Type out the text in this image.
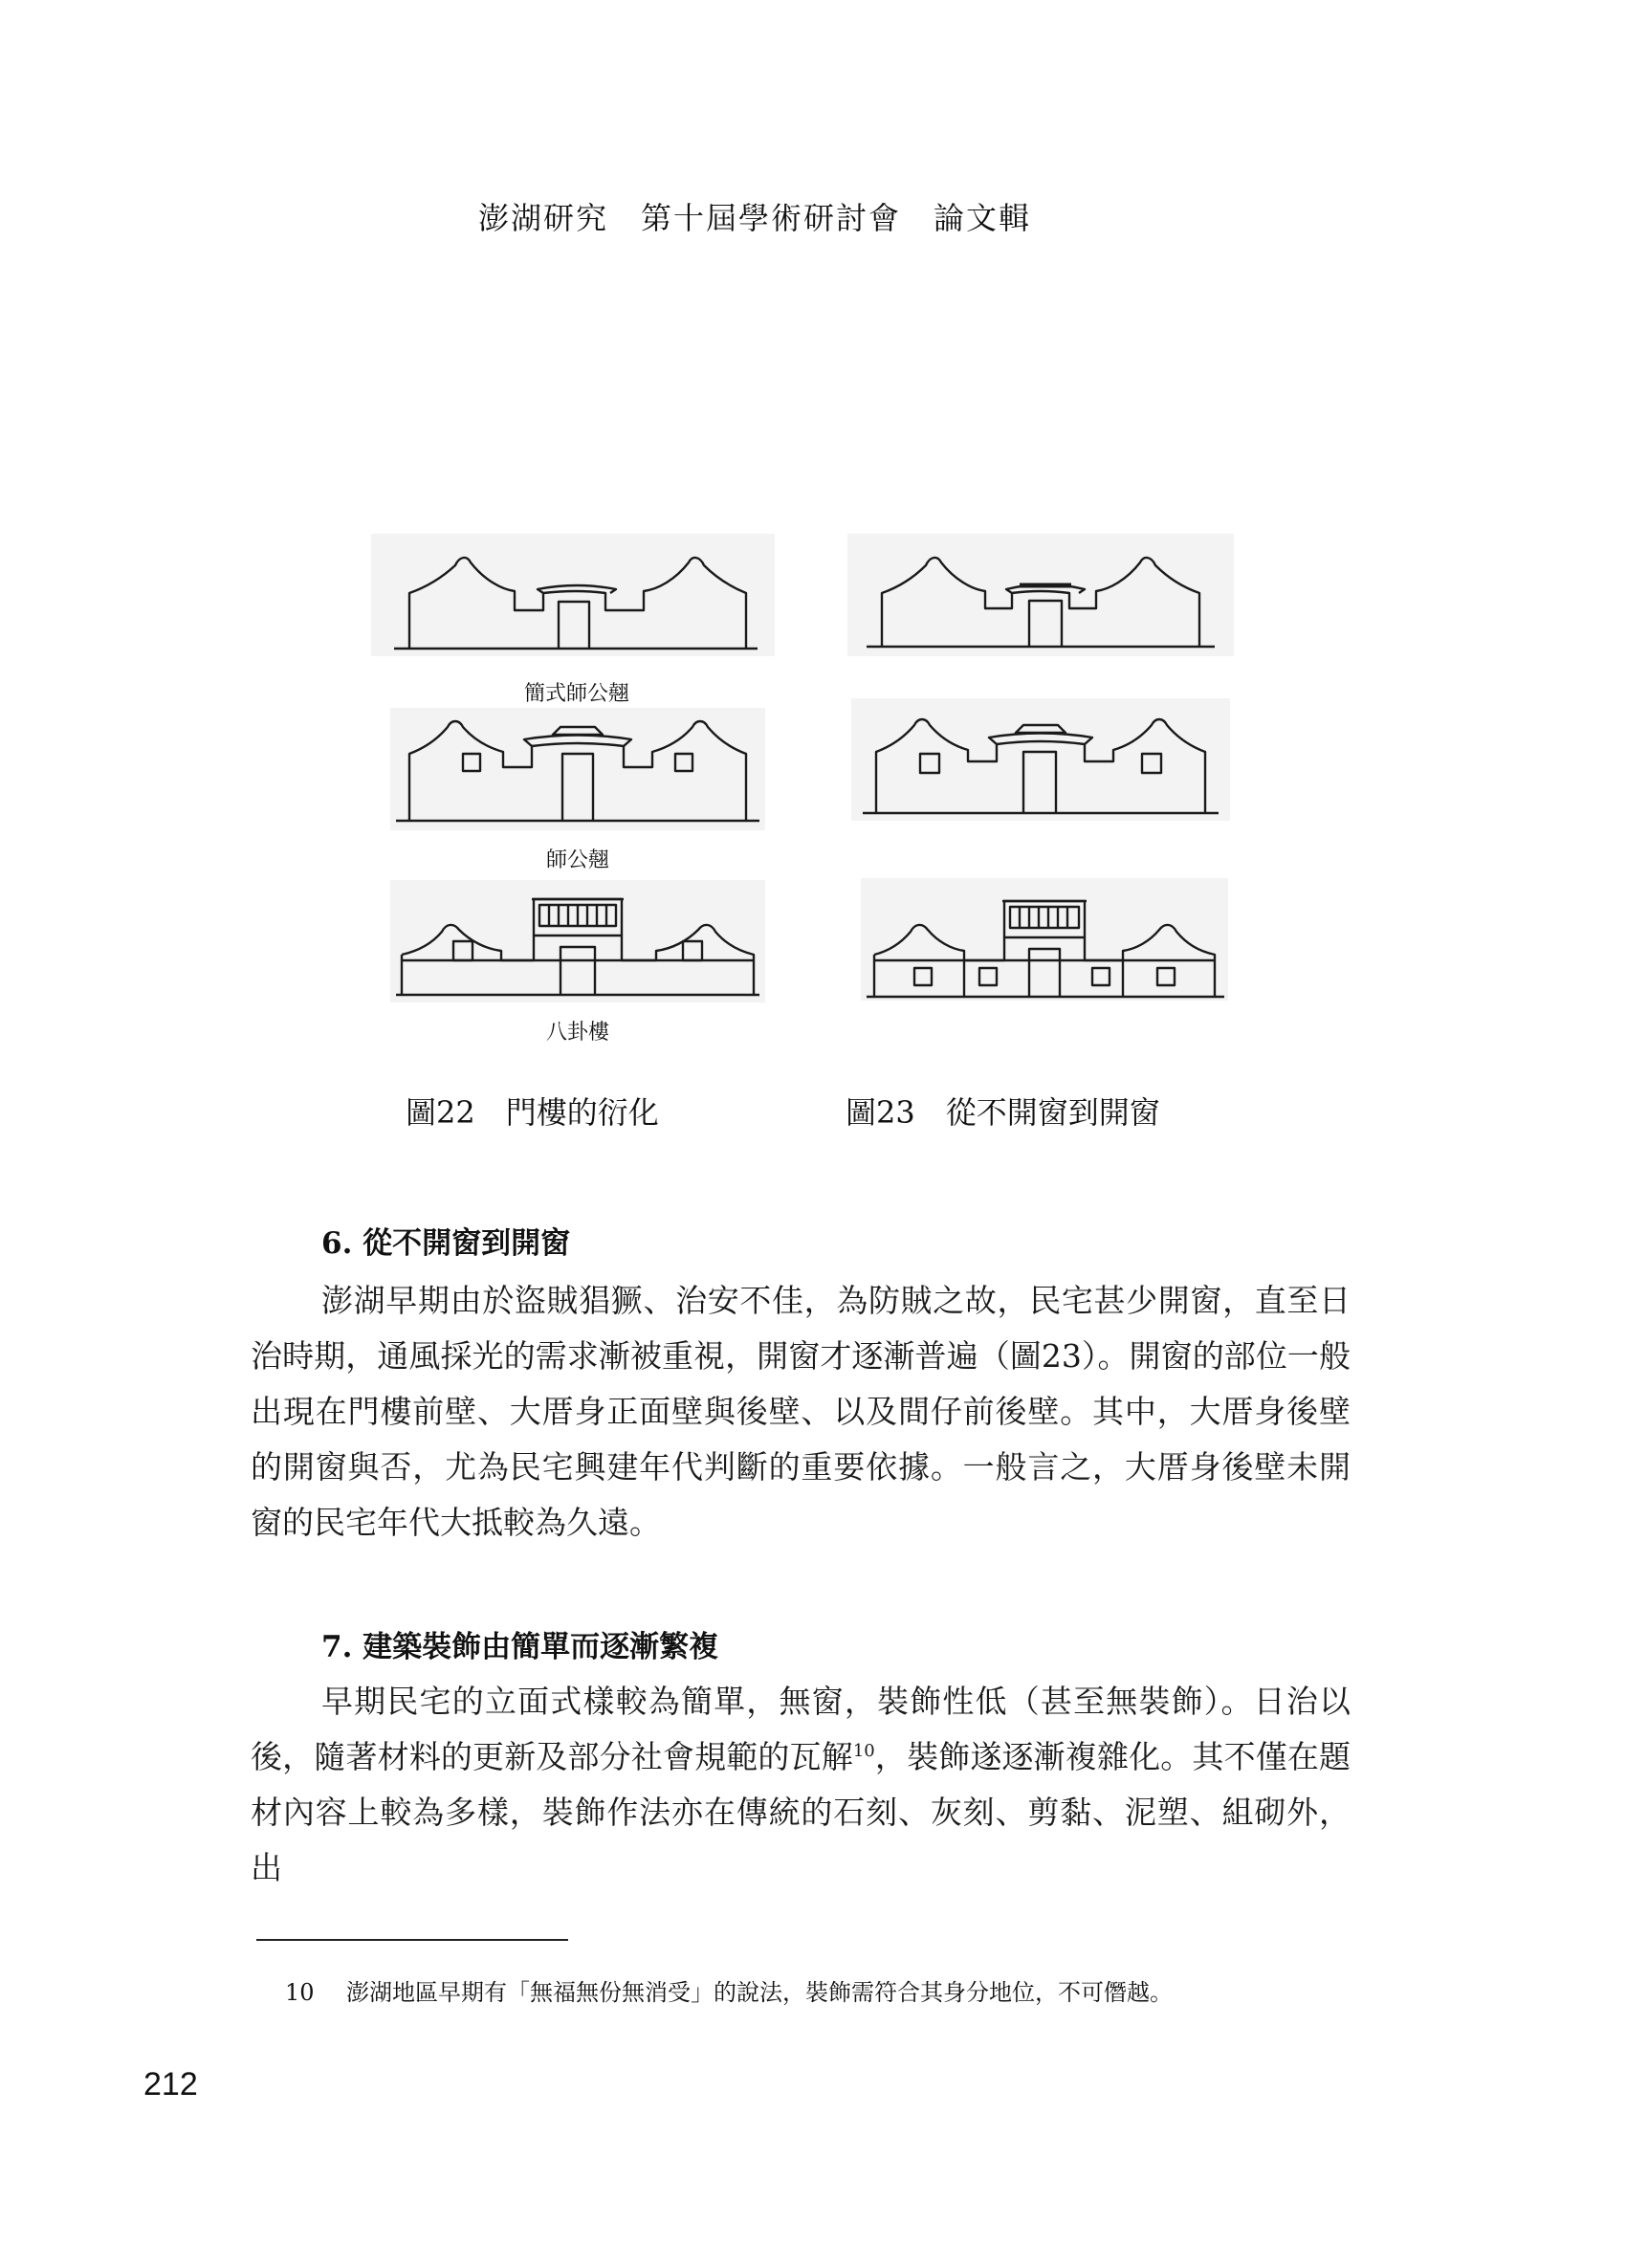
澎湖研究　第十屆學術研討會　論文輯
簡式師公翹
師公翹
八卦樓
圖22　門樓的衍化	圖23　從不開窗到開窗
6. 從不開窗到開窗

澎湖早期由於盜賊猖獗、治安不佳，為防賊之故，民宅甚少開窗，直至日治時期，通風採光的需求漸被重視，開窗才逐漸普遍（圖23）。開窗的部位一般出現在門樓前壁、大厝身正面壁與後壁、以及間仔前後壁。其中，大厝身後壁的開窗與否，尤為民宅興建年代判斷的重要依據。一般言之，大厝身後壁未開窗的民宅年代大抵較為久遠。

7. 建築裝飾由簡單而逐漸繁複

早期民宅的立面式樣較為簡單，無窗，裝飾性低（甚至無裝飾）。日治以後，隨著材料的更新及部分社會規範的瓦解$^{10}$，裝飾遂逐漸複雜化。其不僅在題材內容上較為多樣，裝飾作法亦在傳統的石刻、灰刻、剪黏、泥塑、組砌外，出

10 澎湖地區早期有「無福無份無消受」的說法，裝飾需符合其身分地位，不可僭越。
212
